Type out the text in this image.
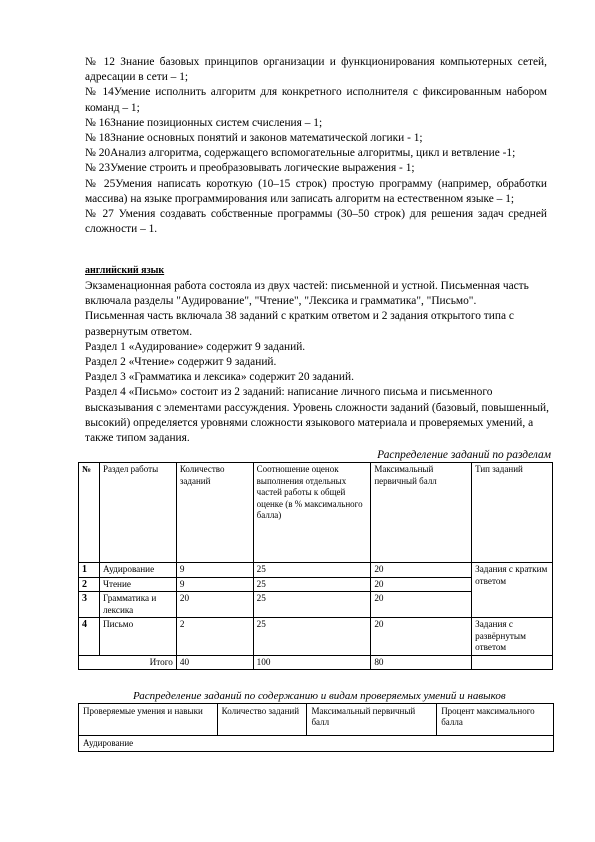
№ 12 Знание базовых принципов организации и функционирования компьютерных сетей, адресации в сети – 1;

№ 14Умение исполнить алгоритм для конкретного исполнителя с фиксированным набором команд – 1;

№ 16Знание позиционных систем счисления – 1;

№ 18Знание основных понятий и законов математической логики - 1;

№ 20Анализ алгоритма, содержащего вспомогательные алгоритмы, цикл и ветвление -1;

№ 23Умение строить и преобразовывать логические выражения - 1;

№ 25Умения написать короткую (10–15 строк) простую программу (например, обработки массива) на языке программирования или записать алгоритм на естественном языке – 1;

№ 27 Умения создавать собственные программы (30–50 строк) для решения задач средней сложности – 1.

английский язык

Экзаменационная работа состояла из двух частей: письменной и устной. Письменная часть включала разделы "Аудирование", "Чтение", "Лексика и грамматика", "Письмо".

Письменная часть включала 38 заданий с кратким ответом и 2 задания открытого типа с развернутым ответом.

Раздел 1 «Аудирование» содержит 9 заданий.

Раздел 2 «Чтение» содержит 9 заданий.

Раздел 3 «Грамматика и лексика» содержит 20 заданий.

Раздел 4 «Письмо» состоит из 2 заданий: написание личного письма и письменного высказывания с элементами рассуждения. Уровень сложности заданий (базовый, повышенный, высокий) определяется уровнями сложности языкового материала и проверяемых умений, а также типом задания.

Распределение заданий по разделам
№	Раздел работы	Количество заданий	Соотношение оценок выполнения отдельных частей работы к общей оценке (в % максимального балла)	Максимальный первичный балл	Тип заданий
1	Аудирование	9	25	20	Задания с кратким ответом
2	Чтение	9	25	20	
3	Грамматика и лексика	20	25	20	
4	Письмо	2	25	20	Задания с развёрнутым ответом
Итого		40	100	80	
Распределение заданий по содержанию и видам проверяемых умений и навыков
Проверяемые умения и навыки	Количество заданий	Максимальный первичный балл	Процент максимального балла
Аудирование
